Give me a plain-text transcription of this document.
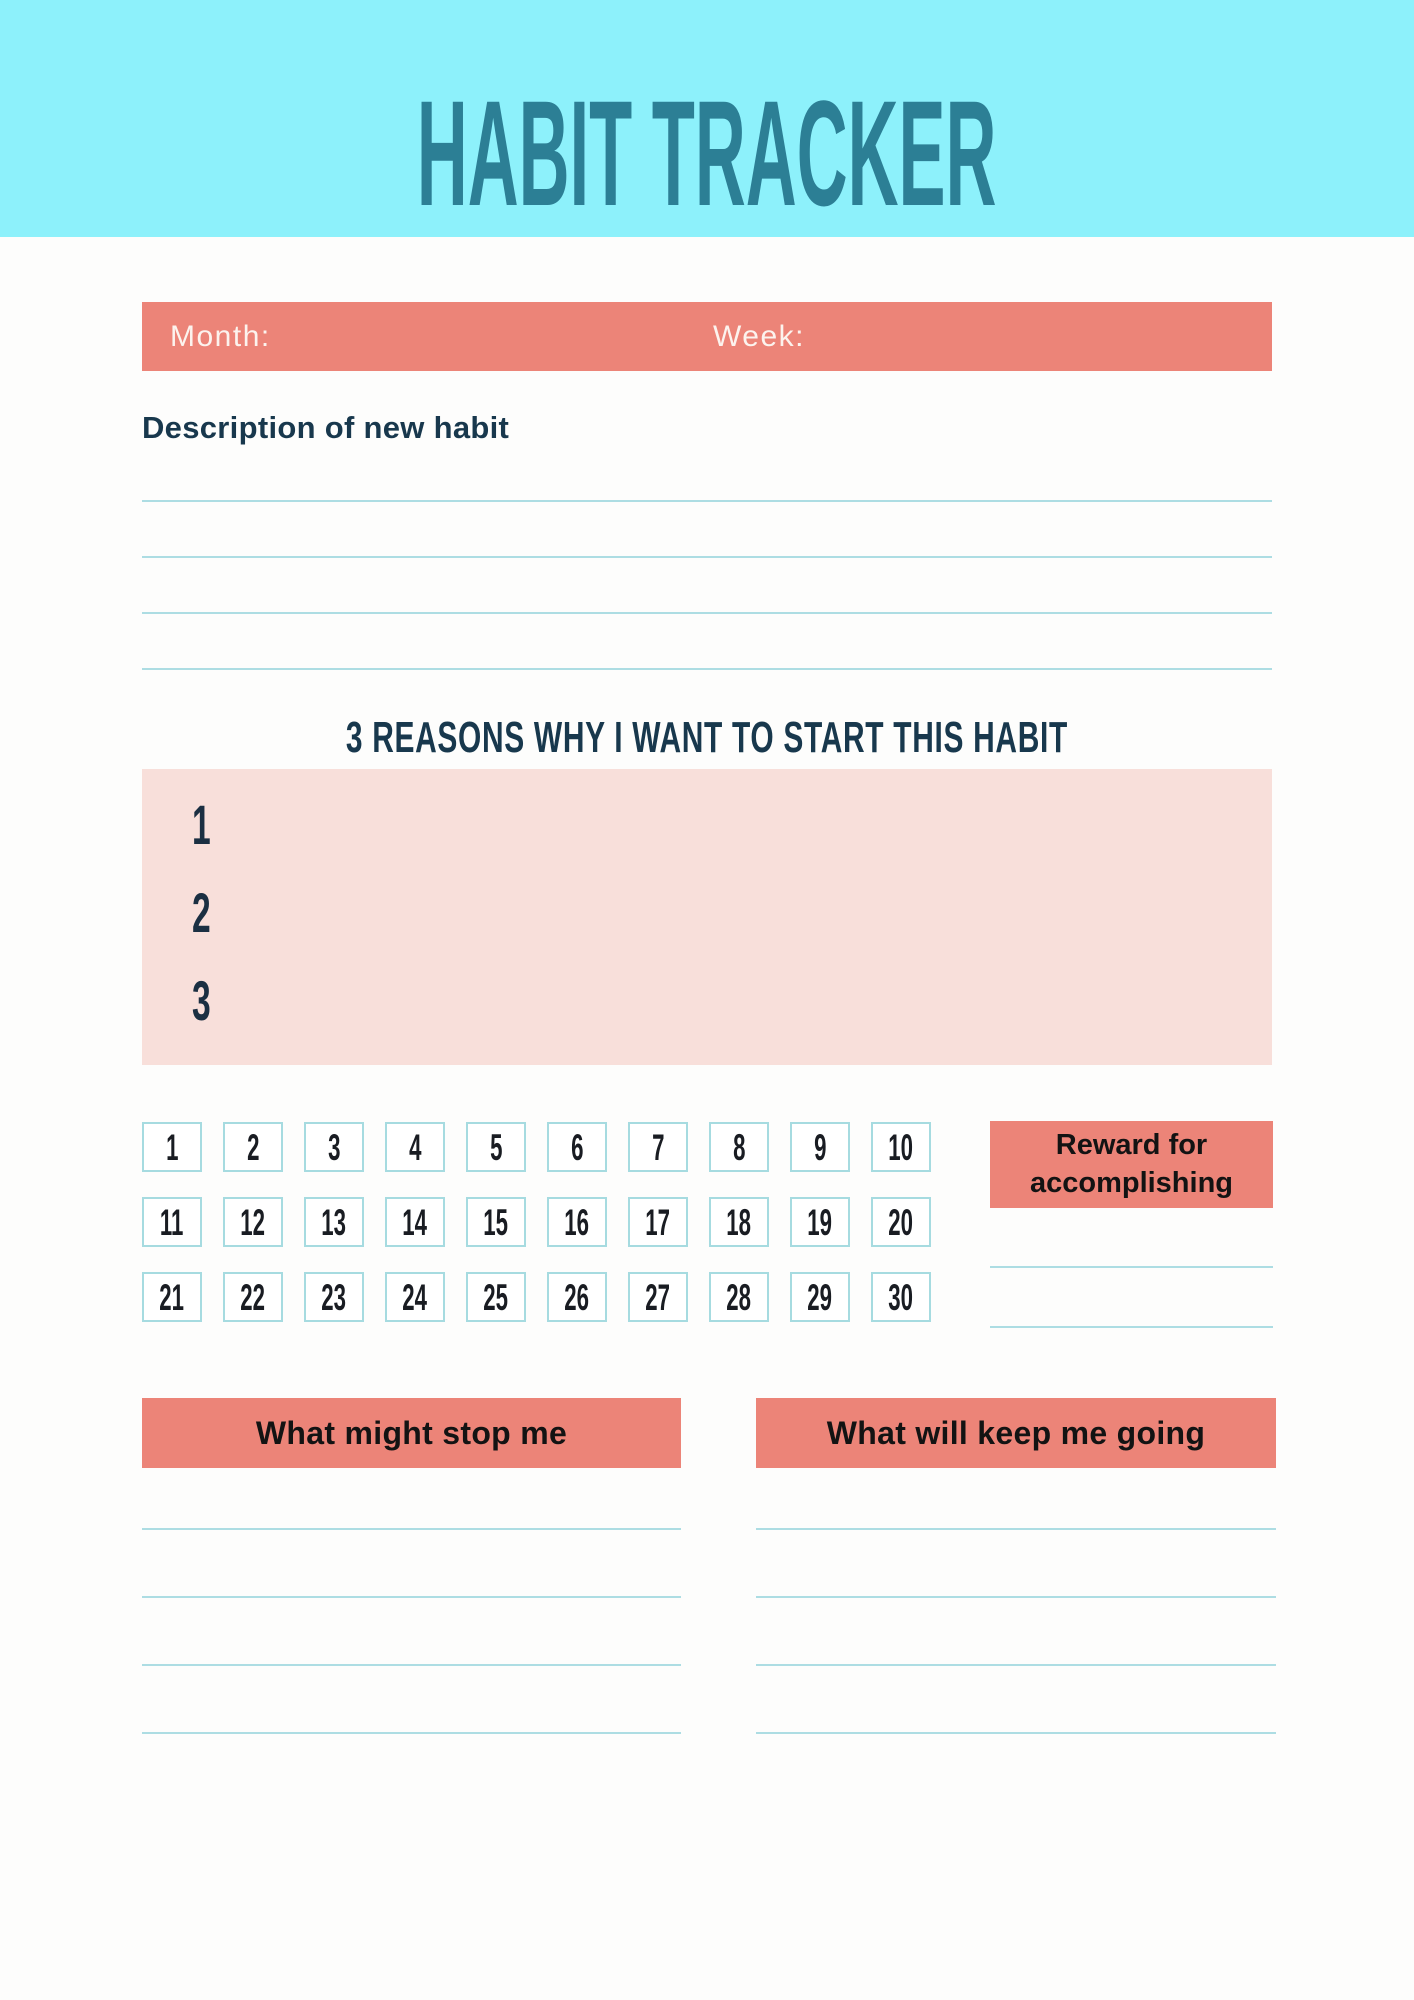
HABIT TRACKER
Month:	Week:
Description of new habit
3 REASONS WHY I WANT TO START THIS HABIT
1
2
3
1 2 3 4 5 6 7 8 9 10
11 12 13 14 15 16 17 18 19 20
21 22 23 24 25 26 27 28 29 30
Reward for accomplishing
What might stop me	What will keep me going
